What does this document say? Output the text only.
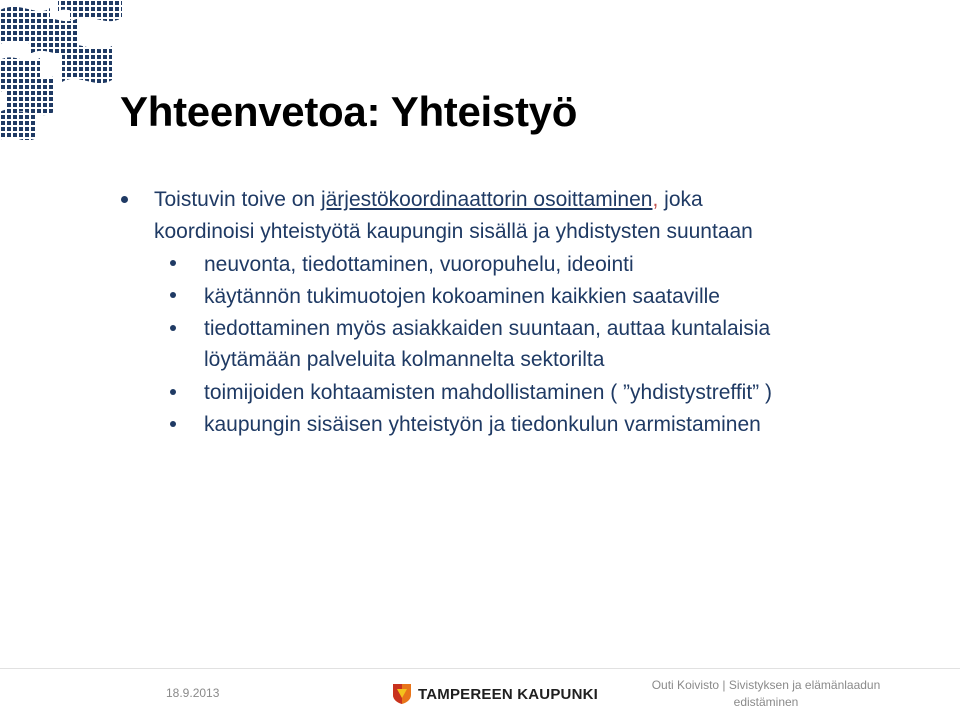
Yhteenvetoa: Yhteistyö
Toistuvin toive on järjestökoordinaattorin osoittaminen, joka
koordinoisi yhteistyötä kaupungin sisällä ja yhdistysten suuntaan
neuvonta, tiedottaminen, vuoropuhelu, ideointi
käytännön tukimuotojen kokoaminen kaikkien saataville
tiedottaminen myös asiakkaiden suuntaan, auttaa kuntalaisia
löytämään palveluita kolmannelta sektorilta
toimijoiden kohtaamisten mahdollistaminen ( ”yhdistystreffit” )
kaupungin sisäisen yhteistyön ja tiedonkulun varmistaminen
18.9.2013	TAMPEREEN KAUPUNKI
Outi Koivisto | Sivistyksen ja elämänlaadun
edistäminen
